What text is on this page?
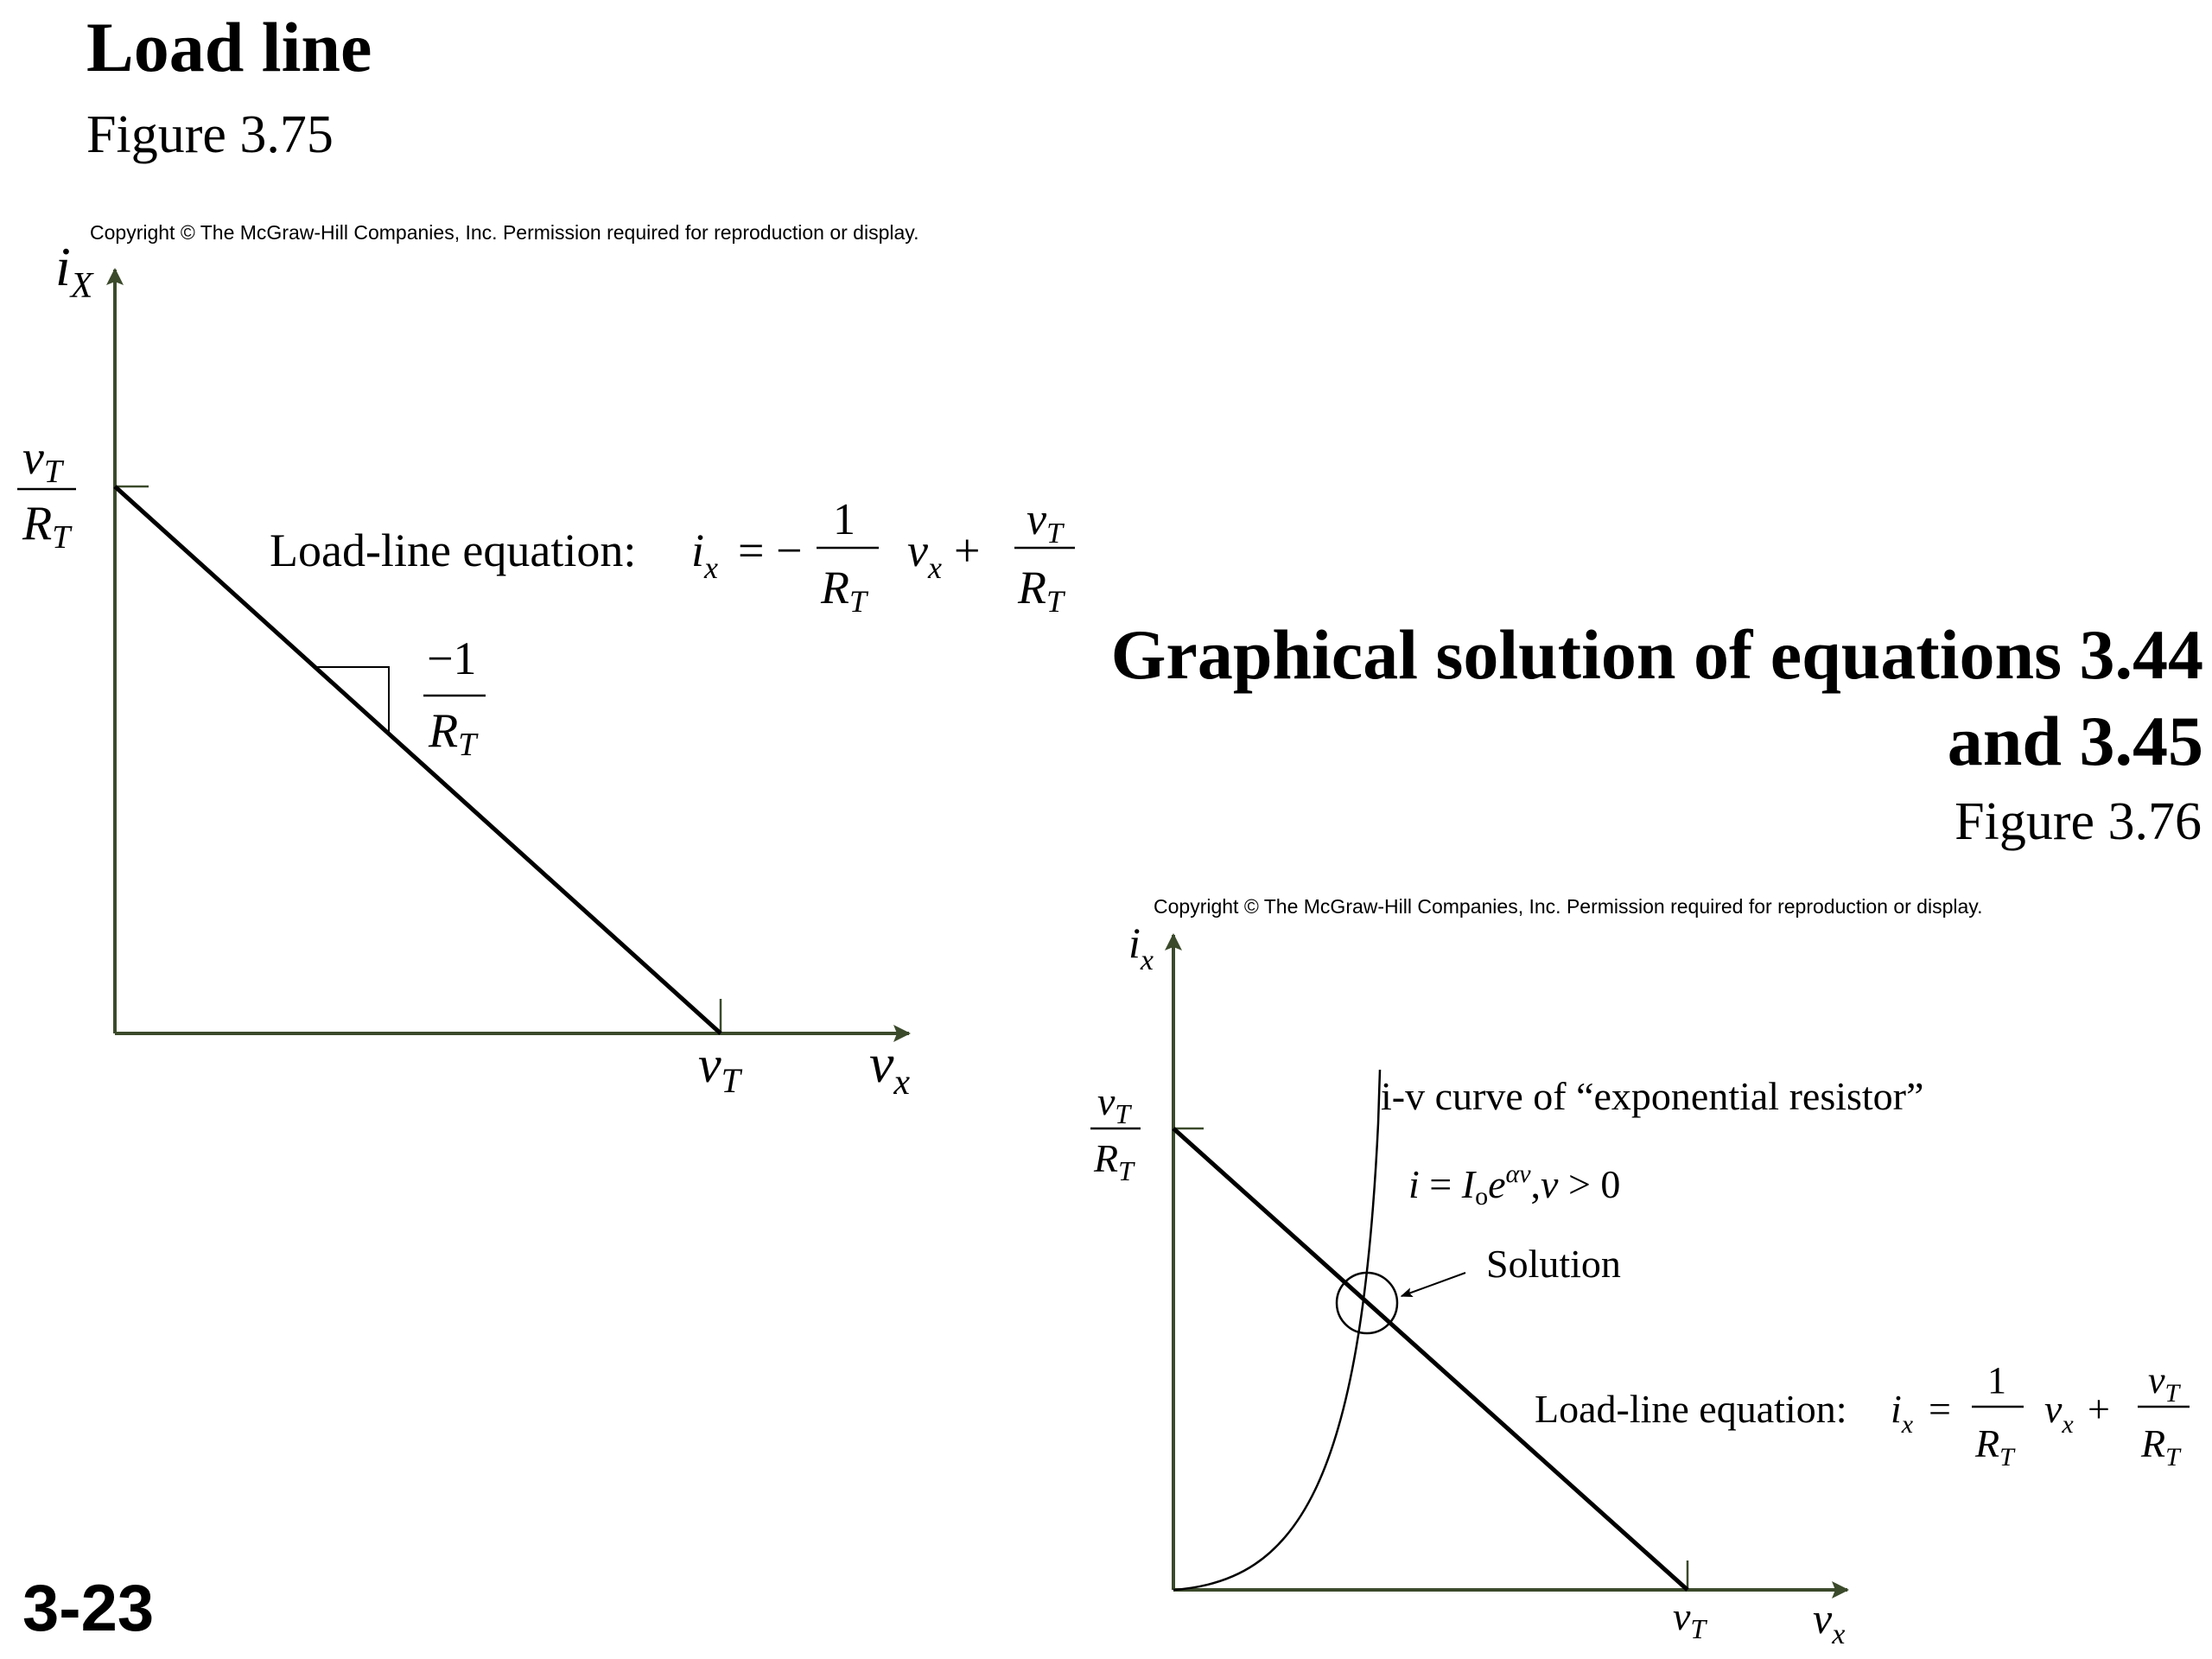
Load line
Figure 3.75
Copyright © The McGraw-Hill Companies, Inc. Permission required for reproduction or display.
Graphical solution of equations 3.44 and 3.45
Figure 3.76
Copyright © The McGraw-Hill Companies, Inc. Permission required for reproduction or display.
3-23
$i_X$
$v_x$
vT
RT
$v_T$
−1
RT
Load-line equation: $i_x$ = −
1
RT
$v_x$ +
vT
RT
$i_x$
$v_x$
$v_T$
$R_T$
$v_T$
i-v curve of “exponential resistor”
i = Ioe$^{\alpha v}$,v > 0
Solution
Load-line equation: $i_x$ =
1
$R_T$
$v_x$ +
$v_T$
$R_T$
